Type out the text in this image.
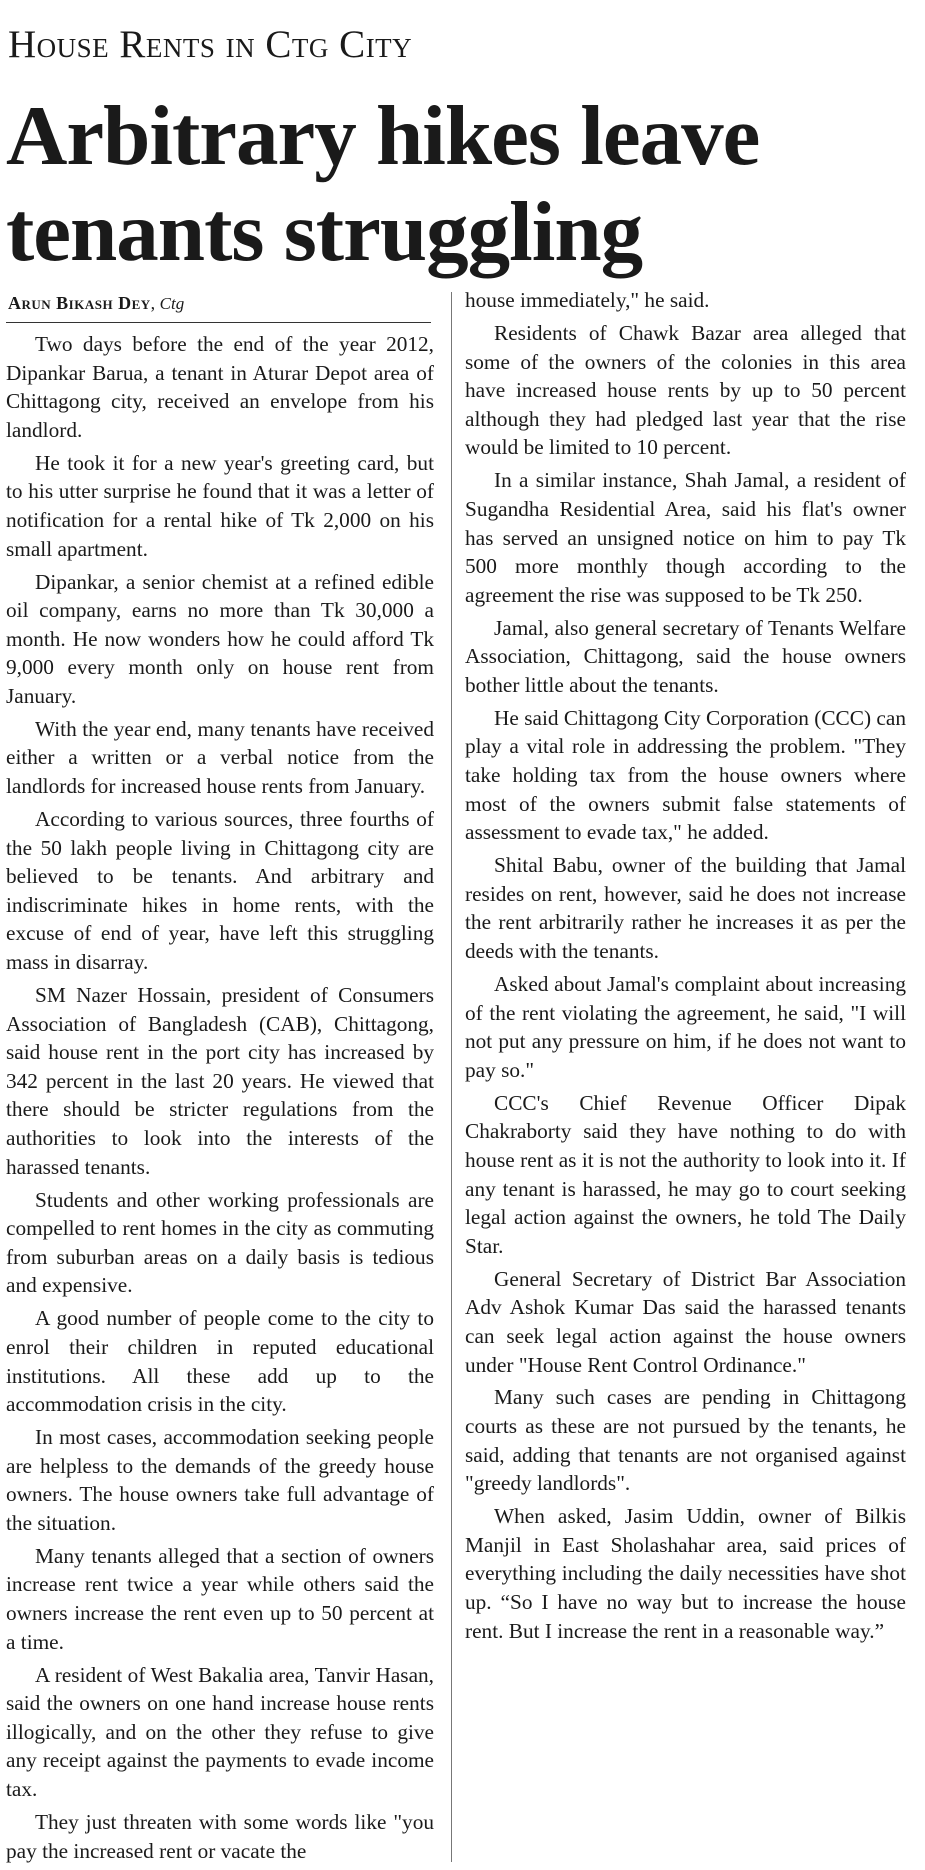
House Rents in Ctg City
Arbitrary hikes leave tenants struggling
Arun Bikash Dey, Ctg

Two days before the end of the year 2012, Dipankar Barua, a tenant in Aturar Depot area of Chittagong city, received an envelope from his landlord.

He took it for a new year's greeting card, but to his utter surprise he found that it was a letter of notification for a rental hike of Tk 2,000 on his small apartment.

Dipankar, a senior chemist at a refined edible oil company, earns no more than Tk 30,000 a month. He now wonders how he could afford Tk 9,000 every month only on house rent from January.

With the year end, many tenants have received either a written or a verbal notice from the landlords for increased house rents from January.

According to various sources, three fourths of the 50 lakh people living in Chittagong city are believed to be tenants. And arbitrary and indiscriminate hikes in home rents, with the excuse of end of year, have left this struggling mass in disarray.

SM Nazer Hossain, president of Consumers Association of Bangladesh (CAB), Chittagong, said house rent in the port city has increased by 342 percent in the last 20 years. He viewed that there should be stricter regulations from the authorities to look into the interests of the harassed tenants.

Students and other working professionals are compelled to rent homes in the city as commuting from suburban areas on a daily basis is tedious and expensive.

A good number of people come to the city to enrol their children in reputed educational institutions. All these add up to the accommodation crisis in the city.

In most cases, accommodation seeking people are helpless to the demands of the greedy house owners. The house owners take full advantage of the situation.

Many tenants alleged that a section of owners increase rent twice a year while others said the owners increase the rent even up to 50 percent at a time.

A resident of West Bakalia area, Tanvir Hasan, said the owners on one hand increase house rents illogically, and on the other they refuse to give any receipt against the payments to evade income tax.

They just threaten with some words like "you pay the increased rent or vacate the

house immediately," he said.

Residents of Chawk Bazar area alleged that some of the owners of the colonies in this area have increased house rents by up to 50 percent although they had pledged last year that the rise would be limited to 10 percent.

In a similar instance, Shah Jamal, a resident of Sugandha Residential Area, said his flat's owner has served an unsigned notice on him to pay Tk 500 more monthly though according to the agreement the rise was supposed to be Tk 250.

Jamal, also general secretary of Tenants Welfare Association, Chittagong, said the house owners bother little about the tenants.

He said Chittagong City Corporation (CCC) can play a vital role in addressing the problem. "They take holding tax from the house owners where most of the owners submit false statements of assessment to evade tax," he added.

Shital Babu, owner of the building that Jamal resides on rent, however, said he does not increase the rent arbitrarily rather he increases it as per the deeds with the tenants.

Asked about Jamal's complaint about increasing of the rent violating the agreement, he said, "I will not put any pressure on him, if he does not want to pay so."

CCC's Chief Revenue Officer Dipak Chakraborty said they have nothing to do with house rent as it is not the authority to look into it. If any tenant is harassed, he may go to court seeking legal action against the owners, he told The Daily Star.

General Secretary of District Bar Association Adv Ashok Kumar Das said the harassed tenants can seek legal action against the house owners under "House Rent Control Ordinance."

Many such cases are pending in Chittagong courts as these are not pursued by the tenants, he said, adding that tenants are not organised against "greedy landlords".

When asked, Jasim Uddin, owner of Bilkis Manjil in East Sholashahar area, said prices of everything including the daily necessities have shot up. “So I have no way but to increase the house rent. But I increase the rent in a reasonable way.”
